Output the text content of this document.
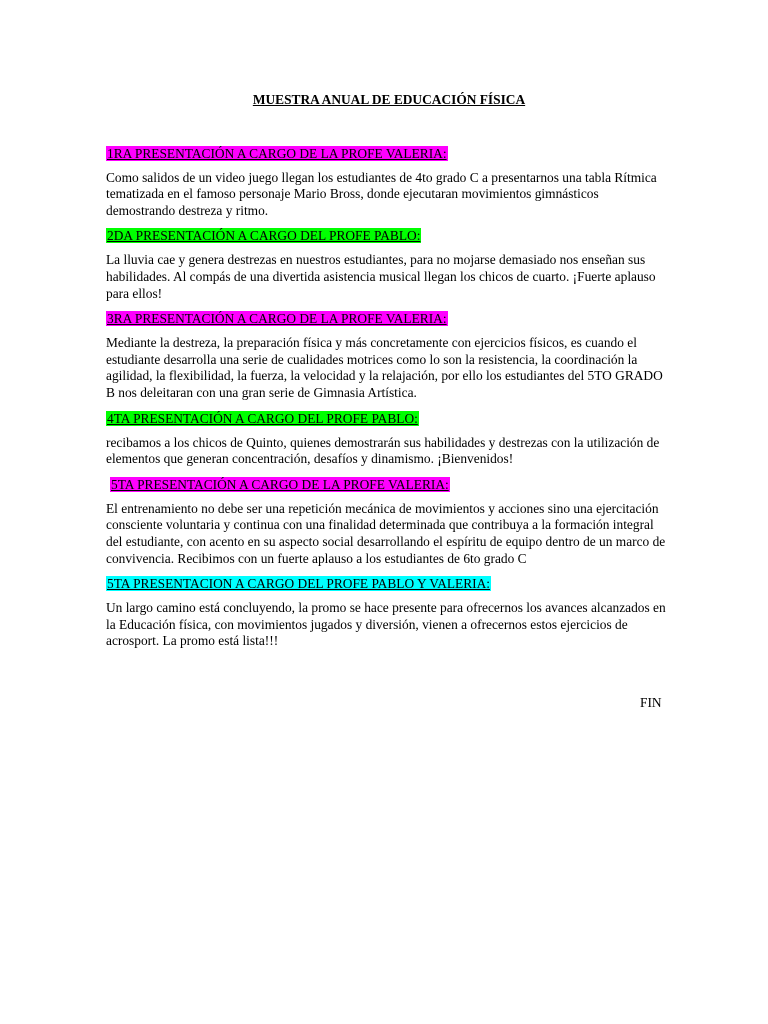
MUESTRA ANUAL DE EDUCACIÓN FÍSICA
1RA PRESENTACIÓN A CARGO DE LA PROFE VALERIA:
Como salidos de un video juego llegan los estudiantes de 4to grado C a presentarnos una tabla Rítmica tematizada en el famoso personaje Mario Bross, donde ejecutaran movimientos gimnásticos demostrando destreza y ritmo.
2DA PRESENTACIÓN A CARGO DEL PROFE PABLO:
La lluvia cae y genera destrezas en nuestros estudiantes, para no mojarse demasiado nos enseñan sus habilidades. Al compás de una divertida asistencia musical llegan los chicos de cuarto. ¡Fuerte aplauso para ellos!
3RA PRESENTACIÓN A CARGO DE LA PROFE VALERIA:
Mediante la destreza, la preparación física y más concretamente con ejercicios físicos, es cuando el estudiante desarrolla una serie de cualidades motrices como lo son la resistencia, la coordinación la agilidad, la flexibilidad, la fuerza, la velocidad y la relajación, por ello los estudiantes del 5TO GRADO B nos deleitaran con una gran serie de Gimnasia Artística.
4TA PRESENTACIÓN A CARGO DEL PROFE PABLO:
recibamos a los chicos de Quinto, quienes demostrarán sus habilidades y destrezas con la utilización de elementos que generan concentración, desafíos y dinamismo. ¡Bienvenidos!
5TA PRESENTACIÓN A CARGO DE LA PROFE VALERIA:
El entrenamiento no debe ser una repetición mecánica de movimientos y acciones sino una ejercitación consciente voluntaria y continua con una finalidad determinada que contribuya a la formación integral del estudiante, con acento en su aspecto social desarrollando el espíritu de equipo dentro de un marco de convivencia. Recibimos con un fuerte aplauso a los estudiantes de 6to grado C
5TA PRESENTACION A CARGO DEL PROFE PABLO Y VALERIA:
Un largo camino está concluyendo, la promo se hace presente para ofrecernos los avances alcanzados en la Educación física, con movimientos jugados y diversión, vienen a ofrecernos estos ejercicios de acrosport. La promo está lista!!!
FIN
